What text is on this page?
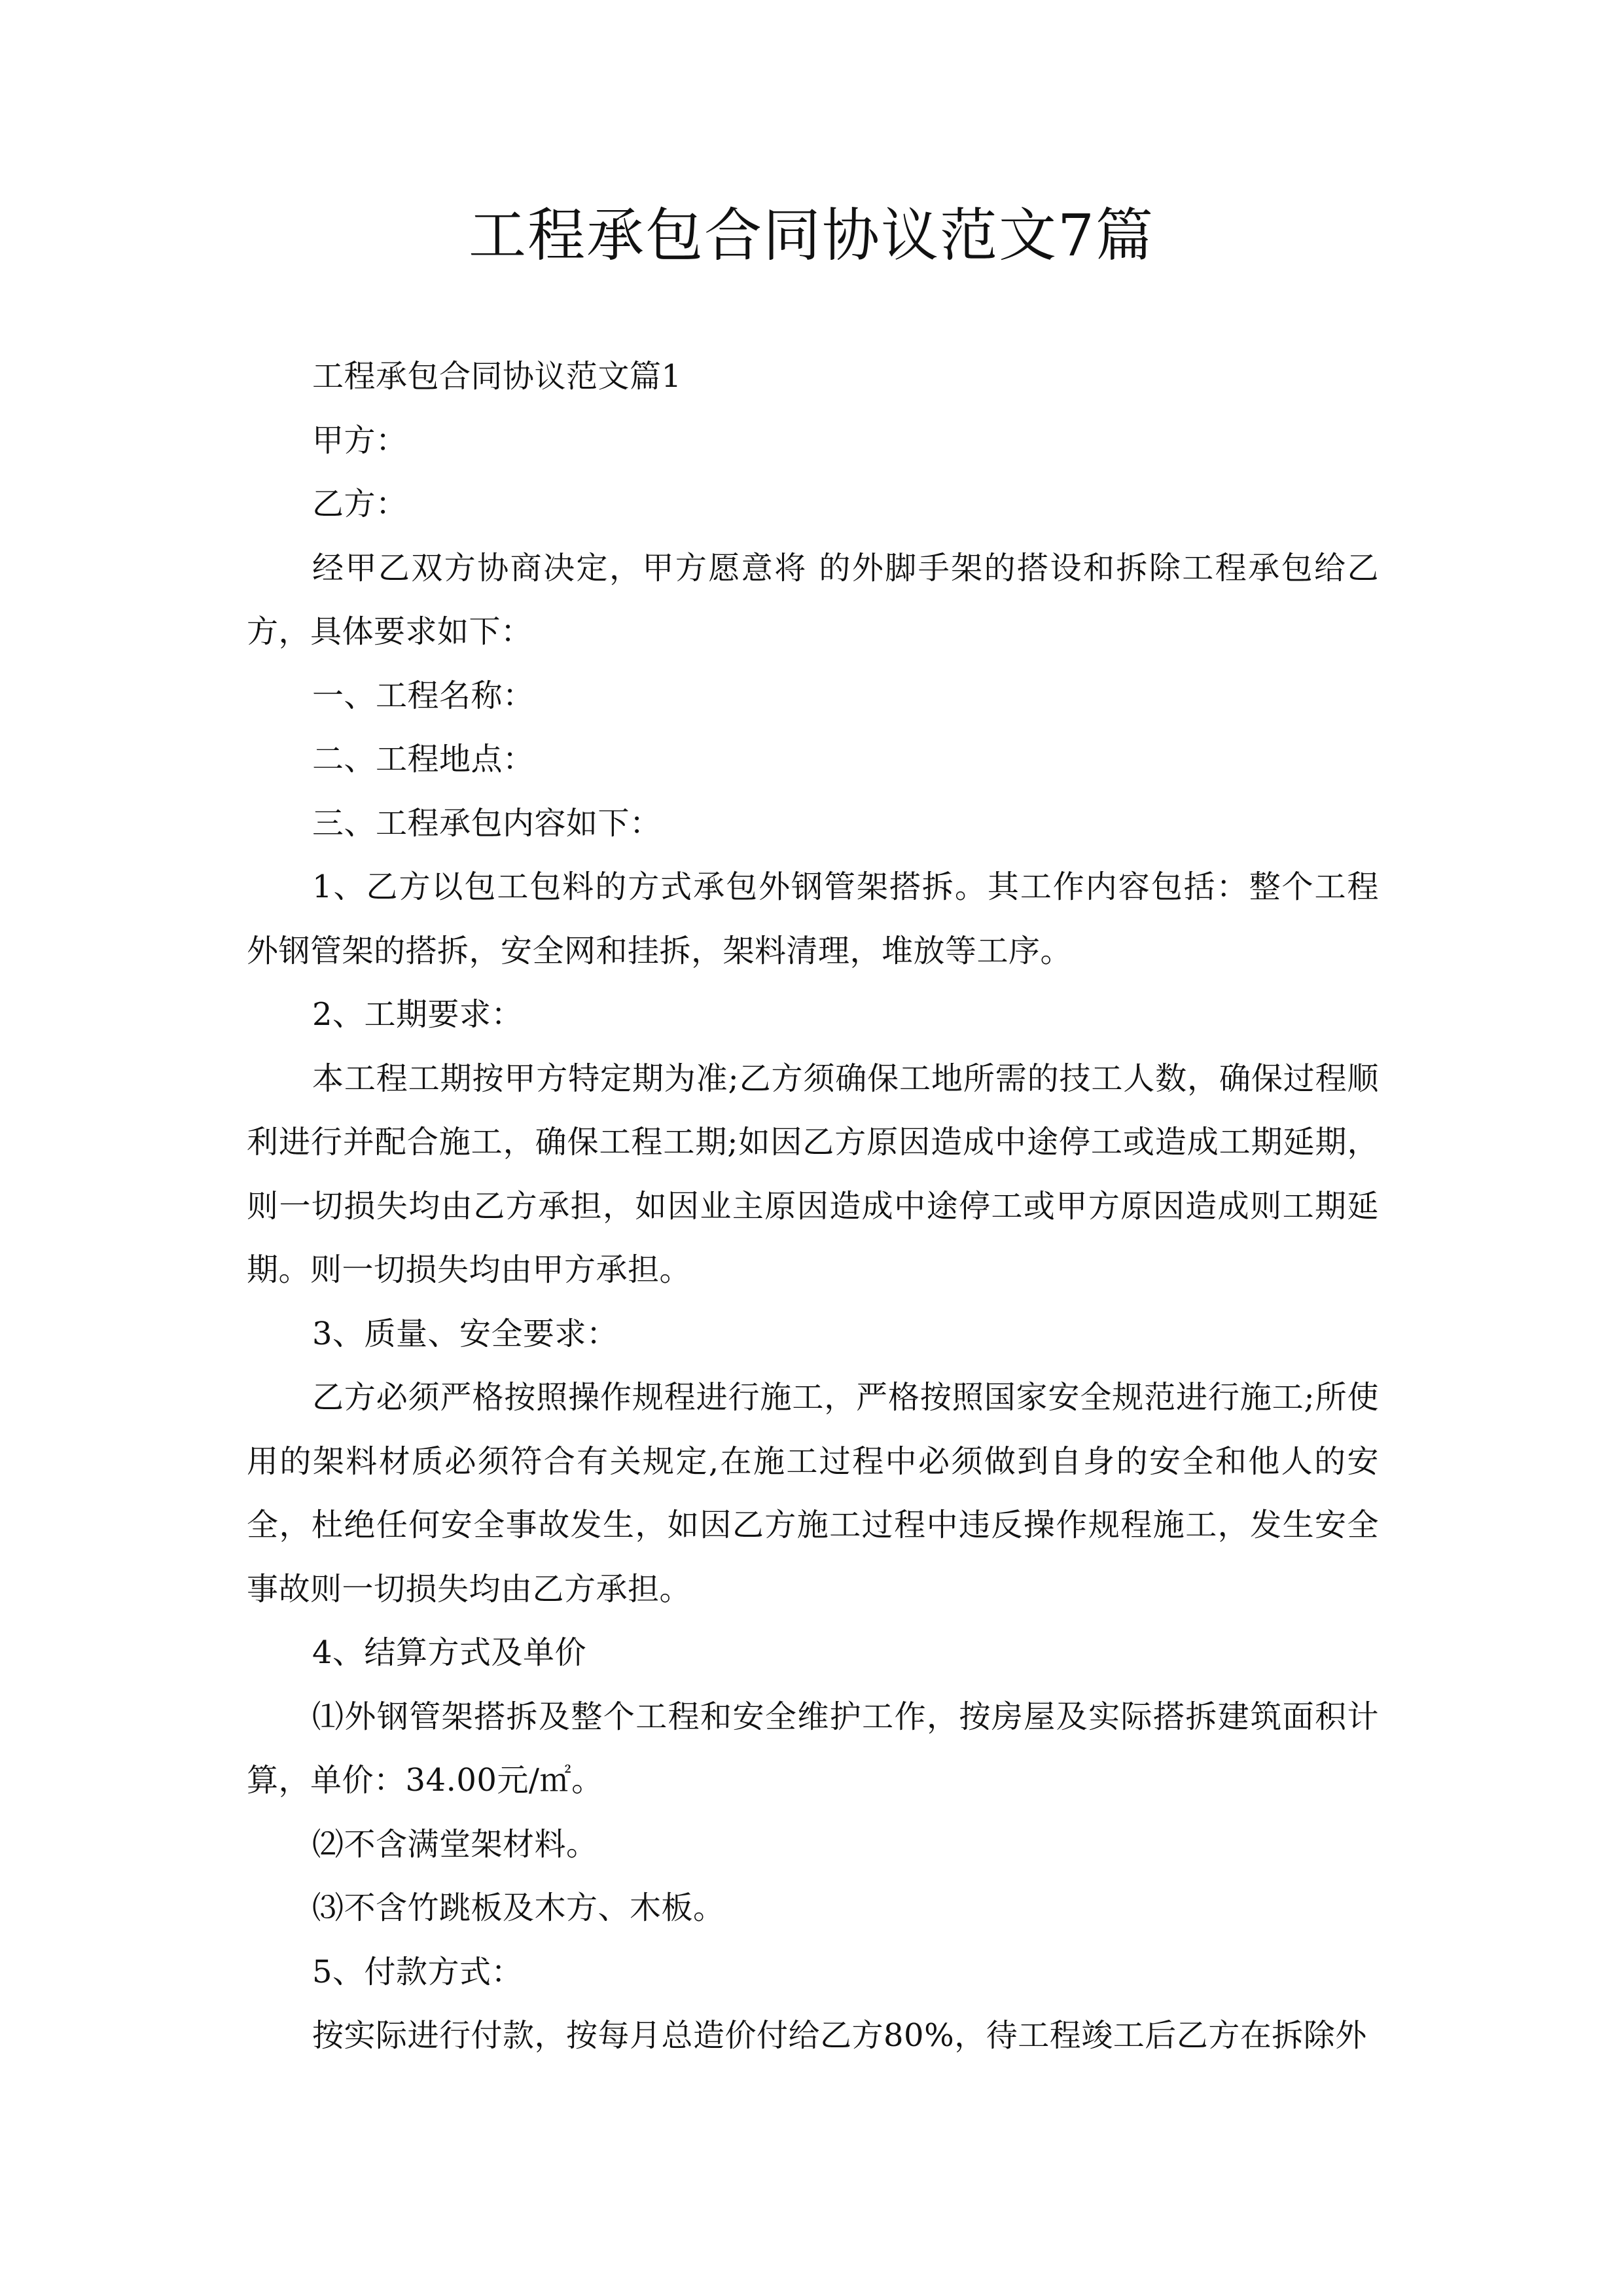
工程承包合同协议范文7篇

工程承包合同协议范文篇1

甲方：

乙方：

经甲乙双方协商决定，甲方愿意将 的外脚手架的搭设和拆除工程承包给乙方，具体要求如下：

一、工程名称：

二、工程地点：

三、工程承包内容如下：

1、乙方以包工包料的方式承包外钢管架搭拆。其工作内容包括：整个工程外钢管架的搭拆，安全网和挂拆，架料清理，堆放等工序。

2、工期要求：

本工程工期按甲方特定期为准;乙方须确保工地所需的技工人数，确保过程顺利进行并配合施工，确保工程工期;如因乙方原因造成中途停工或造成工期延期，则一切损失均由乙方承担，如因业主原因造成中途停工或甲方原因造成则工期延期。则一切损失均由甲方承担。

3、质量、安全要求：

乙方必须严格按照操作规程进行施工，严格按照国家安全规范进行施工;所使用的架料材质必须符合有关规定,在施工过程中必须做到自身的安全和他人的安全，杜绝任何安全事故发生，如因乙方施工过程中违反操作规程施工，发生安全事故则一切损失均由乙方承担。

4、结算方式及单价

⑴外钢管架搭拆及整个工程和安全维护工作，按房屋及实际搭拆建筑面积计算，单价：34.00元/㎡。

⑵不含满堂架材料。

⑶不含竹跳板及木方、木板。

5、付款方式：

按实际进行付款，按每月总造价付给乙方80%，待工程竣工后乙方在拆除外
